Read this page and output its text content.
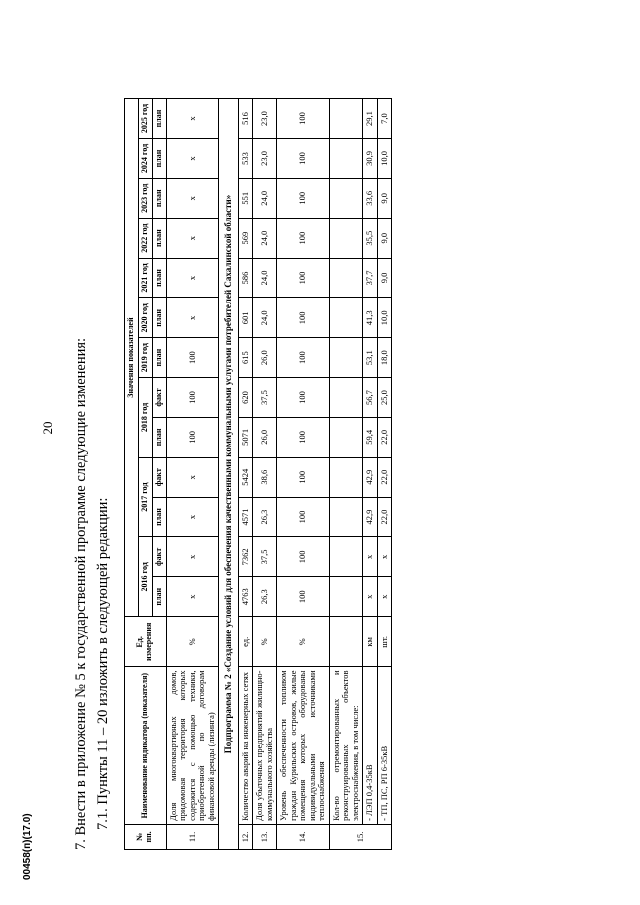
20 7. Внести в приложение № 5 к государственной программе следующие изменения: 7.1. Пункты 11 – 20 изложить в следующей редакции:
№ пп.	Наименование индикатора (показателя)	Ед. измерения	Значения показателей												
			2016 год		2017 год		2018 год		2019 год	2020 год	2021 год	2022 год	2023 год	2024 год	2025 год
			план	факт	план	факт	план	факт	план	план	план	план	план	план	план
11.	Доля многоквартирных домов, придомовая территория которых содержится с помощью техники, приобретенной по договорам финансовой аренды (лизинга)	%	х	х	х	х	100	100	100	х	х	х	х	х	х
Подпрограмма № 2 «Создание условий для обеспечения качественными коммунальными услугами потребителей Сахалинской области»															
12.	Количество аварий на инженерных сетях	ед.	4763	7362	4571	5424	5071	620	615	601	586	569	551	533	516
13.	Доля убыточных предприятий жилищно-коммунального хозяйства	%	26,3	37,5	26,3	38,6	26,0	37,5	26,0	24,0	24,0	24,0	24,0	23,0	23,0
14.	Уровень обеспеченности топливом граждан Курильских островов, жилые помещения которых оборудованы индивидуальными источниками теплоснабжения	%	100	100	100	100	100	100	100	100	100	100	100	100	100
15.	Кол-во отремонтированных и реконструированных объектов электроснабжения, в том числе:														
	- ЛЭП 0,4-35кВ	км	х	х	42,9	42,9	59,4	56,7	53,1	41,3	37,7	35,5	33,6	30,9	29,1
	- ТП, ПС, РП 6-35кВ	шт.	х	х	22,0	22,0	22,0	25,0	18,0	10,0	9,0	9,0	9,0	10,0	7,0
00458(п)(17.0)
